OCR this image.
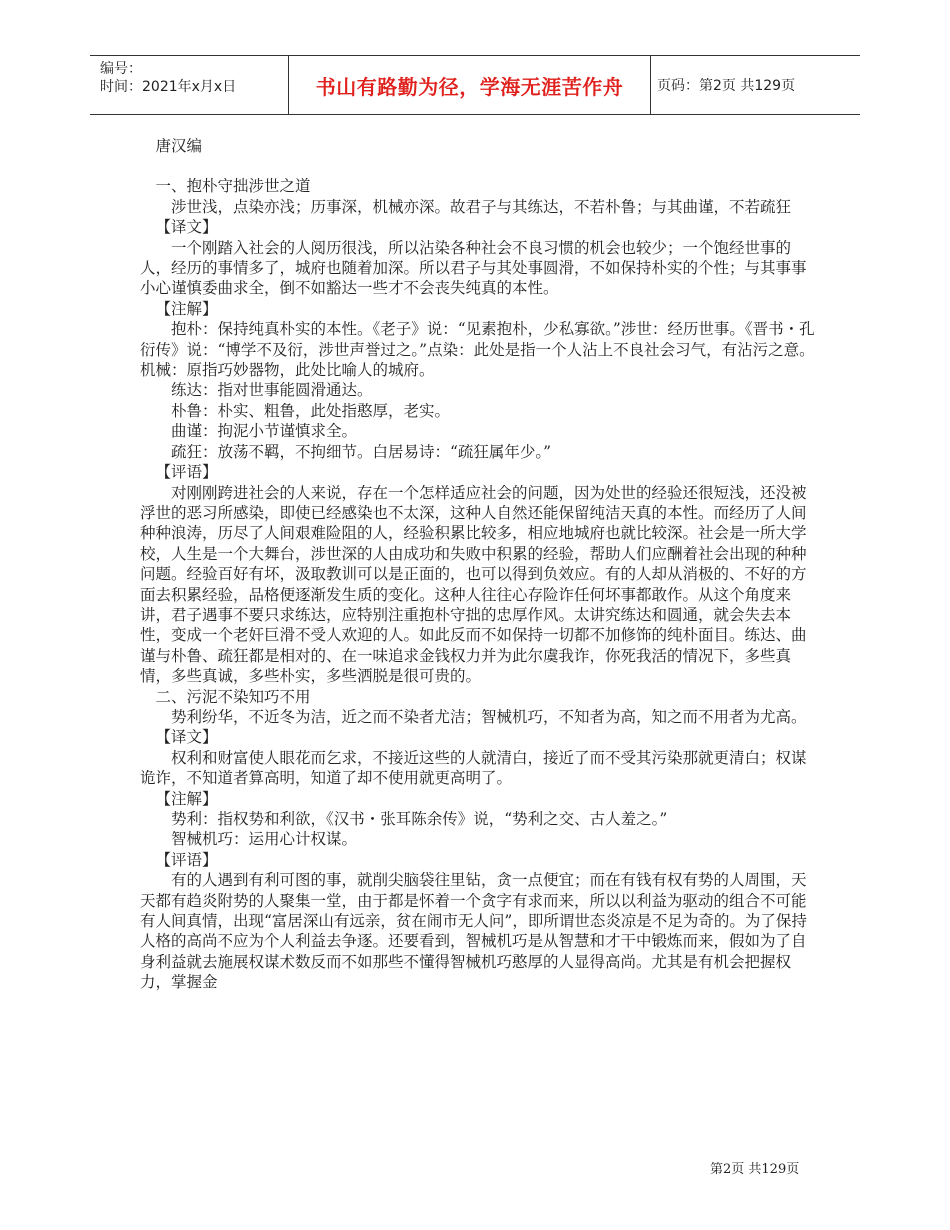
编号：
时间：2021年x月x日	书山有路勤为径，学海无涯苦作舟	页码：第2页 共129页

唐汉编

一、抱朴守拙涉世之道

涉世浅，点染亦浅；历事深，机械亦深。故君子与其练达，不若朴鲁；与其曲谨，不若疏狂

【译文】

一个刚踏入社会的人阅历很浅，所以沾染各种社会不良习惯的机会也较少；一个饱经世事的人，经历的事情多了，城府也随着加深。所以君子与其处事圆滑，不如保持朴实的个性；与其事事小心谨慎委曲求全，倒不如豁达一些才不会丧失纯真的本性。

【注解】

抱朴：保持纯真朴实的本性。《老子》说：“见素抱朴，少私寡欲。”涉世：经历世事。《晋书・孔衍传》说：“博学不及衍，涉世声誉过之。”点染：此处是指一个人沾上不良社会习气，有沾污之意。机械：原指巧妙器物，此处比喻人的城府。

练达：指对世事能圆滑通达。

朴鲁：朴实、粗鲁，此处指憨厚，老实。

曲谨：拘泥小节谨慎求全。

疏狂：放荡不羁，不拘细节。白居易诗：“疏狂属年少。”

【评语】

对刚刚跨进社会的人来说，存在一个怎样适应社会的问题，因为处世的经验还很短浅，还没被浮世的恶习所感染，即使已经感染也不太深，这种人自然还能保留纯洁天真的本性。而经历了人间种种浪涛，历尽了人间艰难险阻的人，经验积累比较多，相应地城府也就比较深。社会是一所大学校，人生是一个大舞台，涉世深的人由成功和失败中积累的经验，帮助人们应酬着社会出现的种种问题。经验百好有坏，汲取教训可以是正面的，也可以得到负效应。有的人却从消极的、不好的方面去积累经验，品格便逐渐发生质的变化。这种人往往心存险诈任何坏事都敢作。从这个角度来讲，君子遇事不要只求练达，应特别注重抱朴守拙的忠厚作风。太讲究练达和圆通，就会失去本性，变成一个老奸巨滑不受人欢迎的人。如此反而不如保持一切都不加修饰的纯朴面目。练达、曲谨与朴鲁、疏狂都是相对的、在一味追求金钱权力并为此尔虞我诈，你死我活的情况下，多些真情，多些真诚，多些朴实，多些洒脱是很可贵的。

二、污泥不染知巧不用

势利纷华，不近冬为洁，近之而不染者尤洁；智械机巧，不知者为高，知之而不用者为尤高。

【译文】

权利和财富使人眼花而乞求，不接近这些的人就清白，接近了而不受其污染那就更清白；权谋诡诈，不知道者算高明，知道了却不使用就更高明了。

【注解】

势利：指权势和利欲，《汉书・张耳陈余传》说，“势利之交、古人羞之。”

智械机巧：运用心计权谋。

【评语】

有的人遇到有利可图的事，就削尖脑袋往里钻，贪一点便宜；而在有钱有权有势的人周围，天天都有趋炎附势的人聚集一堂，由于都是怀着一个贪字有求而来，所以以利益为驱动的组合不可能有人间真情，出现“富居深山有远亲，贫在闹市无人问”，即所谓世态炎凉是不足为奇的。为了保持人格的高尚不应为个人利益去争逐。还要看到，智械机巧是从智慧和才干中锻炼而来，假如为了自身利益就去施展权谋术数反而不如那些不懂得智械机巧憨厚的人显得高尚。尤其是有机会把握权力，掌握金

第2页 共129页
